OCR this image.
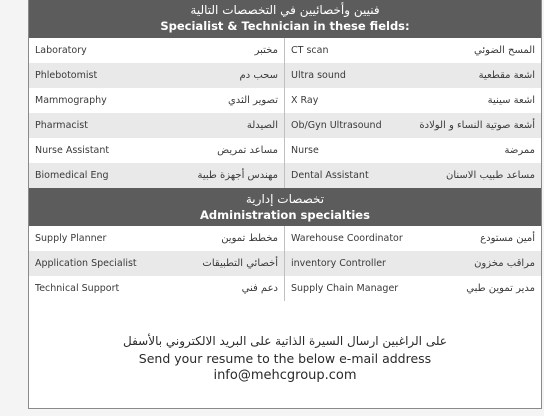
فنيين وأخصائيين في التخصصات التالية
Specialist & Technician in these fields:
Laboratory	مختبر CT scan	المسح الضوئي
Phlebotomist	سحب دم Ultra sound	اشعة مقطعية
Mammography	تصوير الثدي X Ray	اشعة سينية
Pharmacist	الصيدلة Ob/Gyn Ultrasound	أشعة صوتية النساء و الولادة
Nurse Assistant	مساعد تمريض Nurse	ممرضة
Biomedical Eng	مهندس أجهزة طبية Dental Assistant	مساعد طبيب الاسنان
تخصصات إدارية
Administration specialties
Supply Planner	مخطط تموين Warehouse Coordinator	أمين مستودع
Application Specialist	أخصائي التطبيقات inventory Controller	مراقب مخزون
Technical Support	دعم فني Supply Chain Manager	مدير تموين طبي
على الراغبين ارسال السيرة الذاتية على البريد الالكتروني بالأسفل
Send your resume to the below e-mail address
info@mehcgroup.com
